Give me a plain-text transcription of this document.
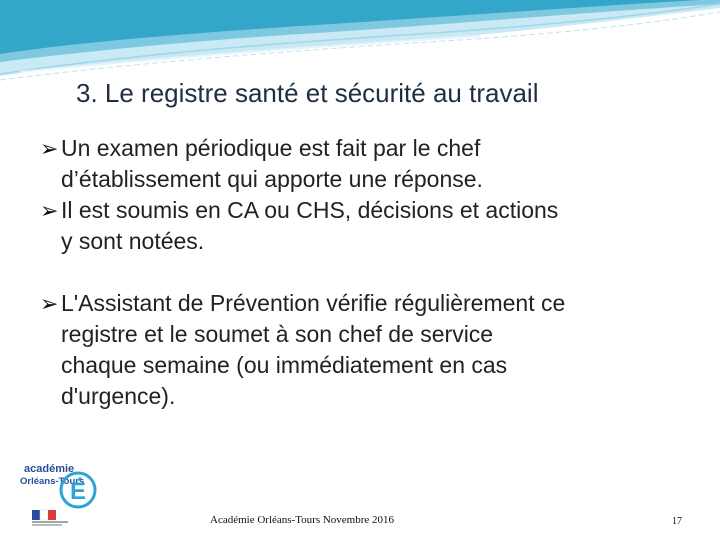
3. Le registre santé et sécurité au travail
➢ Un examen périodique est fait par le chef
d’établissement qui apporte une réponse.
➢ Il est soumis en CA ou CHS, décisions et actions
y sont notées.
➢ L'Assistant de Prévention vérifie régulièrement ce
registre et le soumet à son chef de service
chaque semaine (ou immédiatement en cas
d'urgence).
académie
Orléans-Tours
É
Académie Orléans-Tours Novembre 2016	17
